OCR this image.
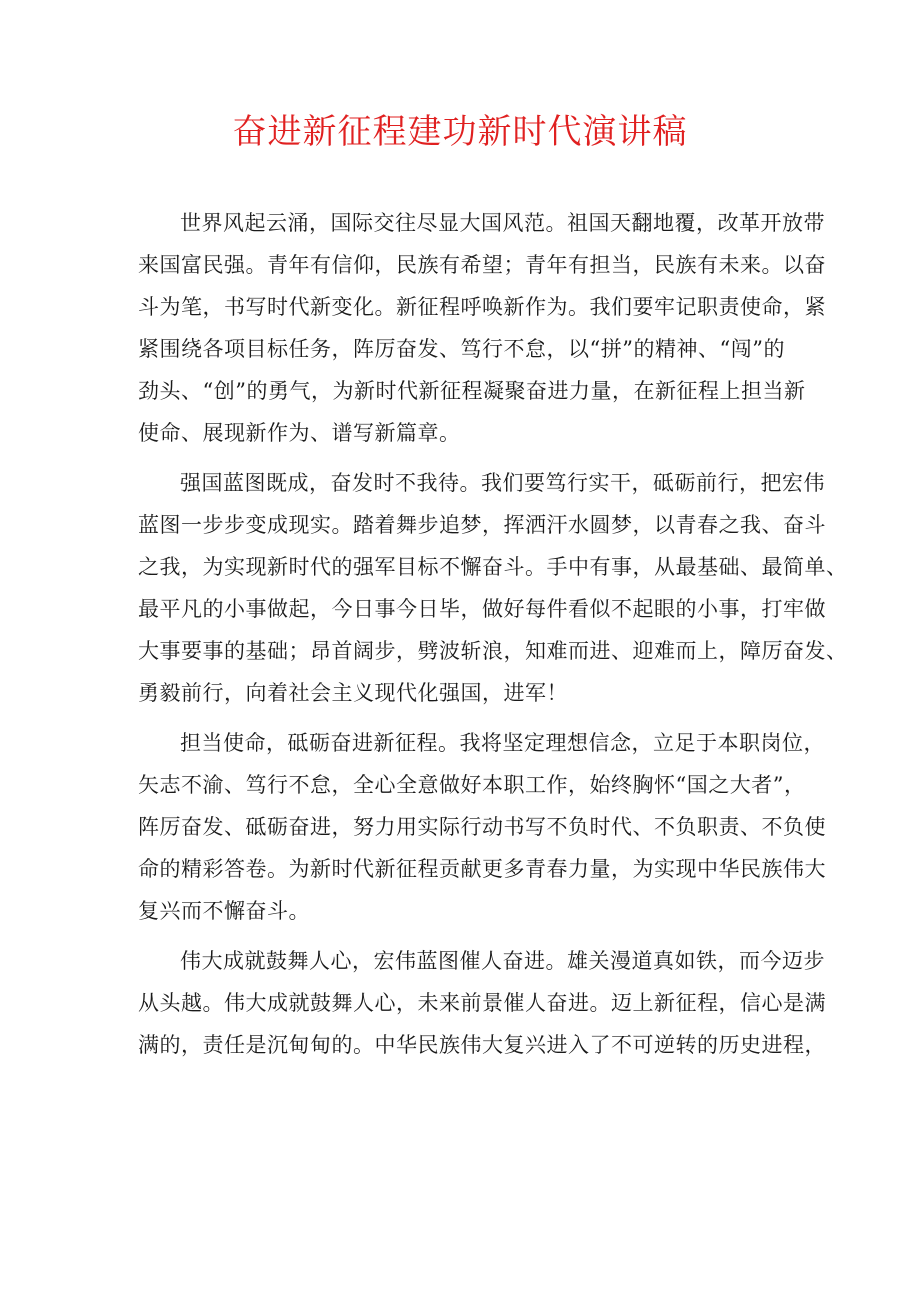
奋进新征程建功新时代演讲稿

世界风起云涌，国际交往尽显大国风范。祖国天翻地覆，改革开放带
来国富民强。青年有信仰，民族有希望；青年有担当，民族有未来。以奋
斗为笔，书写时代新变化。新征程呼唤新作为。我们要牢记职责使命，紧
紧围绕各项目标任务，阵厉奋发、笃行不怠，以“拼”的精神、“闯”的
劲头、“创”的勇气，为新时代新征程凝聚奋进力量，在新征程上担当新
使命、展现新作为、谱写新篇章。

强国蓝图既成，奋发时不我待。我们要笃行实干，砥砺前行，把宏伟
蓝图一步步变成现实。踏着舞步追梦，挥洒汗水圆梦，以青春之我、奋斗
之我，为实现新时代的强军目标不懈奋斗。手中有事，从最基础、最简单、
最平凡的小事做起，今日事今日毕，做好每件看似不起眼的小事，打牢做
大事要事的基础；昂首阔步，劈波斩浪，知难而进、迎难而上，障厉奋发、
勇毅前行，向着社会主义现代化强国，进军！

担当使命，砥砺奋进新征程。我将坚定理想信念，立足于本职岗位，
矢志不渝、笃行不怠，全心全意做好本职工作，始终胸怀“国之大者”，
阵厉奋发、砥砺奋进，努力用实际行动书写不负时代、不负职责、不负使
命的精彩答卷。为新时代新征程贡献更多青春力量，为实现中华民族伟大
复兴而不懈奋斗。

伟大成就鼓舞人心，宏伟蓝图催人奋进。雄关漫道真如铁，而今迈步
从头越。伟大成就鼓舞人心，未来前景催人奋进。迈上新征程，信心是满
满的，责任是沉甸甸的。中华民族伟大复兴进入了不可逆转的历史进程，
